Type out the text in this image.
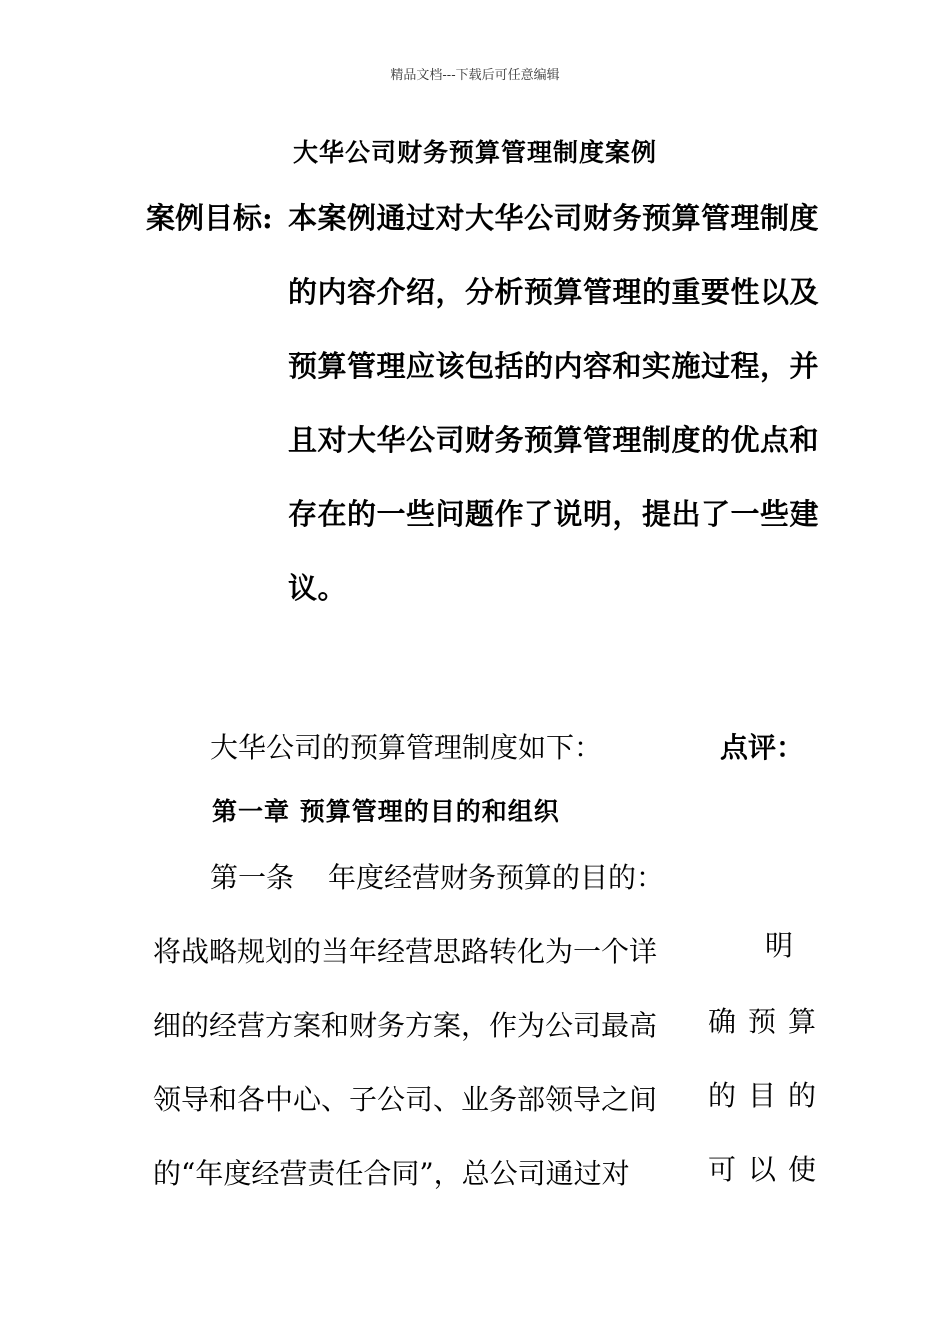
精品文档---下载后可任意编辑
大华公司财务预算管理制度案例
案例目标: 本案例通过对大华公司财务预算管理制度
的内容介绍，分析预算管理的重要性以及
预算管理应该包括的内容和实施过程，并
且对大华公司财务预算管理制度的优点和
存在的一些问题作了说明，提出了一些建
议。
大华公司的预算管理制度如下：	点评：
第一章 预算管理的目的和组织
第一条 年度经营财务预算的目的：
将战略规划的当年经营思路转化为一个详
细的经营方案和财务方案，作为公司最高
领导和各中心、子公司、业务部领导之间
的“年度经营责任合同”，总公司通过对
明
确预算
的目的
可以使
